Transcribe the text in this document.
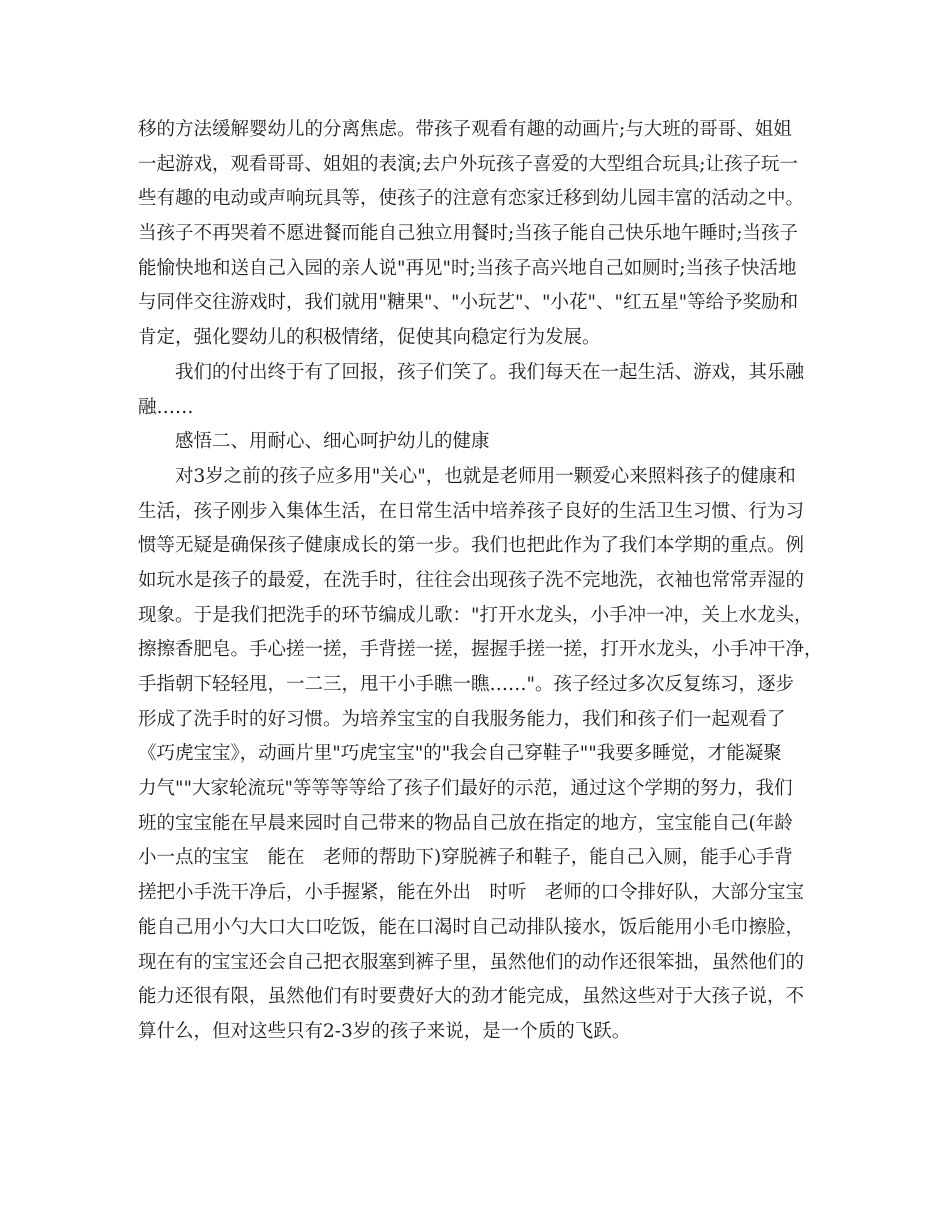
移的方法缓解婴幼儿的分离焦虑。带孩子观看有趣的动画片;与大班的哥哥、姐姐
一起游戏，观看哥哥、姐姐的表演;去户外玩孩子喜爱的大型组合玩具;让孩子玩一
些有趣的电动或声响玩具等，使孩子的注意有恋家迁移到幼儿园丰富的活动之中。
当孩子不再哭着不愿进餐而能自己独立用餐时;当孩子能自己快乐地午睡时;当孩子
能愉快地和送自己入园的亲人说"再见"时;当孩子高兴地自己如厕时;当孩子快活地
与同伴交往游戏时，我们就用"糖果"、"小玩艺"、"小花"、"红五星"等给予奖励和
肯定，强化婴幼儿的积极情绪，促使其向稳定行为发展。
　　我们的付出终于有了回报，孩子们笑了。我们每天在一起生活、游戏，其乐融
融……
　　感悟二、用耐心、细心呵护幼儿的健康
　　对3岁之前的孩子应多用"关心"，也就是老师用一颗爱心来照料孩子的健康和
生活，孩子刚步入集体生活，在日常生活中培养孩子良好的生活卫生习惯、行为习
惯等无疑是确保孩子健康成长的第一步。我们也把此作为了我们本学期的重点。例
如玩水是孩子的最爱，在洗手时，往往会出现孩子洗不完地洗，衣袖也常常弄湿的
现象。于是我们把洗手的环节编成儿歌："打开水龙头，小手冲一冲，关上水龙头，
擦擦香肥皂。手心搓一搓，手背搓一搓，握握手搓一搓，打开水龙头，小手冲干净，
手指朝下轻轻甩，一二三，甩干小手瞧一瞧……"。孩子经过多次反复练习，逐步
形成了洗手时的好习惯。为培养宝宝的自我服务能力，我们和孩子们一起观看了
《巧虎宝宝》，动画片里"巧虎宝宝"的"我会自己穿鞋子""我要多睡觉，才能凝聚
力气""大家轮流玩"等等等等给了孩子们最好的示范，通过这个学期的努力，我们
班的宝宝能在早晨来园时自己带来的物品自己放在指定的地方，宝宝能自己(年龄
小一点的宝宝　能在　老师的帮助下)穿脱裤子和鞋子，能自己入厕，能手心手背
搓把小手洗干净后，小手握紧，能在外出　时听　老师的口令排好队，大部分宝宝
能自己用小勺大口大口吃饭，能在口渴时自己动排队接水，饭后能用小毛巾擦脸，
现在有的宝宝还会自己把衣服塞到裤子里，虽然他们的动作还很笨拙，虽然他们的
能力还很有限，虽然他们有时要费好大的劲才能完成，虽然这些对于大孩子说，不
算什么，但对这些只有2-3岁的孩子来说，是一个质的飞跃。
